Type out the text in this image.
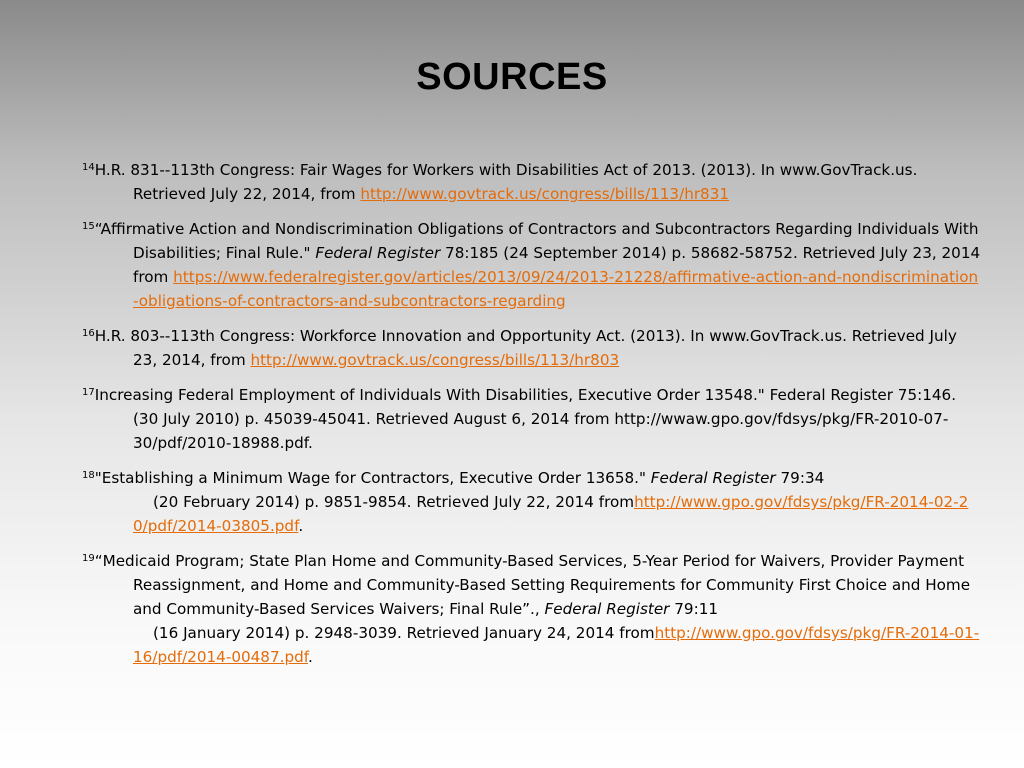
SOURCES

$^{14}$H.R. 831--113th Congress: Fair Wages for Workers with Disabilities Act of 2013. (2013). In www.GovTrack.us. Retrieved July 22, 2014, from http://www.govtrack.us/congress/bills/113/hr831

$^{15}$“Affirmative Action and Nondiscrimination Obligations of Contractors and Subcontractors Regarding Individuals With Disabilities; Final Rule." Federal Register 78:185 (24 September 2014) p. 58682-58752. Retrieved July 23, 2014 from https://www.federalregister.gov/articles/2013/09/24/2013-21228/affirmative-action-and-nondiscrimination-obligations-of-contractors-and-subcontractors-regarding

$^{16}$H.R. 803--113th Congress: Workforce Innovation and Opportunity Act. (2013). In www.GovTrack.us. Retrieved July 23, 2014, from http://www.govtrack.us/congress/bills/113/hr803

$^{17}$Increasing Federal Employment of Individuals With Disabilities, Executive Order 13548." Federal Register 75:146. (30 July 2010) p. 45039-45041. Retrieved August 6, 2014 from http://wwaw.gpo.gov/fdsys/pkg/FR-2010-07-30/pdf/2010-18988.pdf.

$^{18}$"Establishing a Minimum Wage for Contractors, Executive Order 13658." Federal Register 79:34
(20 February 2014) p. 9851-9854. Retrieved July 22, 2014 fromhttp://www.gpo.gov/fdsys/pkg/FR-2014-02-20/pdf/2014-03805.pdf.

$^{19}$“Medicaid Program; State Plan Home and Community-Based Services, 5-Year Period for Waivers, Provider Payment Reassignment, and Home and Community-Based Setting Requirements for Community First Choice and Home and Community-Based Services Waivers; Final Rule”., Federal Register 79:11
(16 January 2014) p. 2948-3039. Retrieved January 24, 2014 fromhttp://www.gpo.gov/fdsys/pkg/FR-2014-01-16/pdf/2014-00487.pdf.
